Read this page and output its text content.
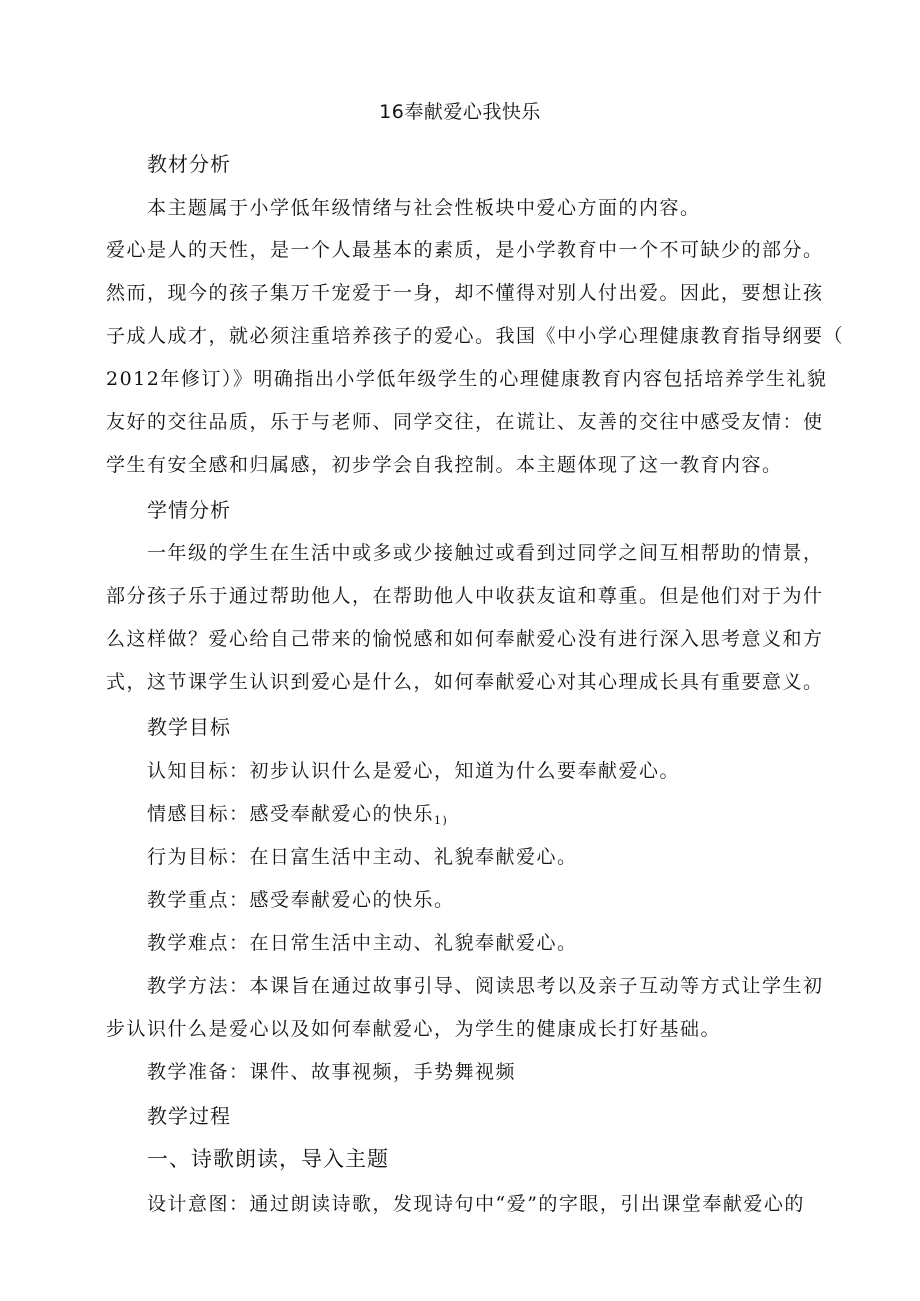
16奉献爱心我快乐
教材分析
本主题属于小学低年级情绪与社会性板块中爱心方面的内容。
爱心是人的天性，是一个人最基本的素质，是小学教育中一个不可缺少的部分。
然而，现今的孩子集万千宠爱于一身，却不懂得对别人付出爱。因此，要想让孩
子成人成才，就必须注重培养孩子的爱心。我国《中小学心理健康教育指导纲要（
2012年修订）》明确指出小学低年级学生的心理健康教育内容包括培养学生礼貌
友好的交往品质，乐于与老师、同学交往，在谎让、友善的交往中感受友情：使
学生有安全感和归属感，初步学会自我控制。本主题体现了这一教育内容。
学情分析
一年级的学生在生活中或多或少接触过或看到过同学之间互相帮助的情景，
部分孩子乐于通过帮助他人，在帮助他人中收获友谊和尊重。但是他们对于为什
么这样做？爱心给自己带来的愉悦感和如何奉献爱心没有进行深入思考意义和方
式，这节课学生认识到爱心是什么，如何奉献爱心对其心理成长具有重要意义。
教学目标
认知目标：初步认识什么是爱心，知道为什么要奉献爱心。
情感目标：感受奉献爱心的快乐$_{1)}$
行为目标：在日富生活中主动、礼貌奉献爱心。
教学重点：感受奉献爱心的快乐。
教学难点：在日常生活中主动、礼貌奉献爱心。
教学方法：本课旨在通过故事引导、阅读思考以及亲子互动等方式让学生初
步认识什么是爱心以及如何奉献爱心，为学生的健康成长打好基础。
教学准备：课件、故事视频，手势舞视频
教学过程
一、诗歌朗读，导入主题
设计意图：通过朗读诗歌，发现诗句中“爱”的字眼，引出课堂奉献爱心的
